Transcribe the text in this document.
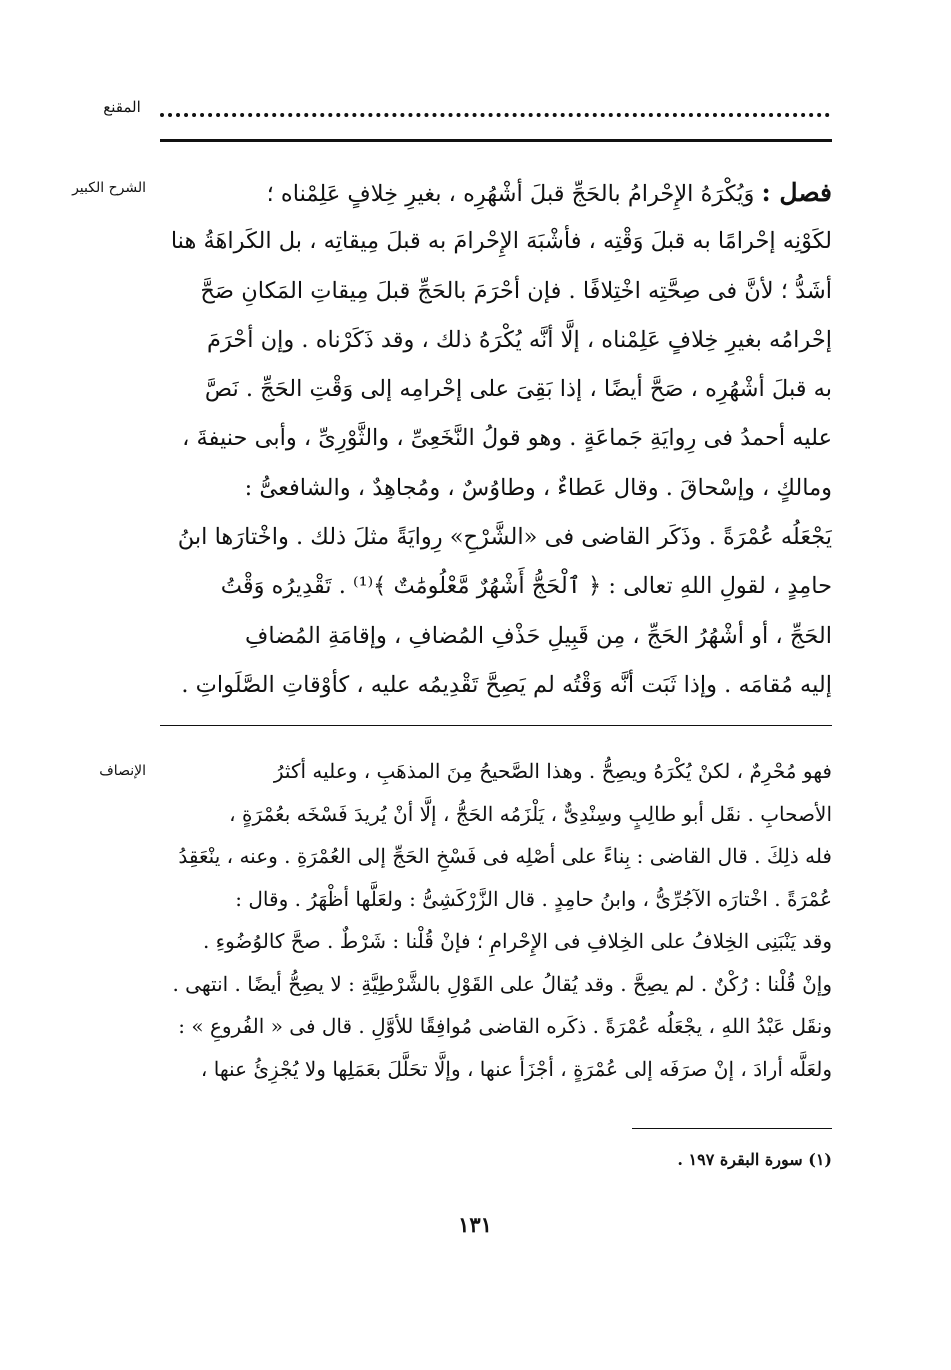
المقنع
الشرح الكبير	فصل : وَيُكْرَهُ الإِحْرامُ بالحَجِّ قبلَ أشْهُرِه ، بغيرِ خِلافٍ عَلِمْناه ؛
لكَوْنِه إحْرامًا به قبلَ وَقْتِه ، فأشْبَهَ الإِحْرامَ به قبلَ مِيقاتِه ، بل الكَراهَةُ هنا
أشَدُّ ؛ لأنَّ فى صِحَّتِه اخْتِلافًا . فإن أحْرَمَ بالحَجِّ قبلَ مِيقاتِ المَكانِ صَحَّ
إحْرامُه بغيرِ خِلافٍ عَلِمْناه ، إلَّا أنَّه يُكْرَهُ ذلك ، وقد ذَكَرْناه . وإن أحْرَمَ
به قبلَ أشْهُرِه ، صَحَّ أيضًا ، إذا بَقِىَ على إحْرامِه إلى وَقْتِ الحَجِّ . نَصَّ
عليه أحمدُ فى رِوايَةِ جَماعَةٍ . وهو قولُ النَّخَعِىِّ ، والثَّوْرِىِّ ، وأبى حنيفةَ ،
ومالكٍ ، وإسْحاقَ . وقال عَطاءٌ ، وطاوُسٌ ، ومُجاهِدٌ ، والشافعىُّ :
يَجْعَلُه عُمْرَةً . وذَكَر القاضى فى «الشَّرْحِ» رِوايَةً مثلَ ذلك . واخْتارَها ابنُ
حامِدٍ ، لقولِ اللهِ تعالى : ﴿ ٱلْحَجُّ أَشْهُرٌ مَّعْلُومَٰتٌ ﴾⁽¹⁾ . تَقْدِيرُه وَقْتُ
الحَجِّ ، أو أشْهُرُ الحَجِّ ، مِن قَبِيلِ حَذْفِ المُضافِ ، وإقامَةِ المُضافِ
إليه مُقامَه . وإذا ثَبَت أنَّه وَقْتُه لم يَصِحَّ تَقْدِيمُه عليه ، كأوْقاتِ الصَّلَواتِ .
الإنصاف	فهو مُحْرِمٌ ، لكنْ يُكْرَهُ ويصِحُّ . وهذا الصَّحيحُ مِنَ المذهَبِ ، وعليه أكثرُ
الأصحابِ . نقَل أبو طالِبٍ وسِنْدِىٌّ ، يَلْزَمُه الحَجُّ ، إلَّا أنْ يُريدَ فَسْخَه بعُمْرَةٍ ،
فله ذلِكَ . قال القاضى : بِناءً على أصْلِه فى فَسْخِ الحَجِّ إلى العُمْرَةِ . وعنه ، ينْعَقِدُ
عُمْرَةً . اخْتارَه الآجُرِّىُّ ، وابنُ حامِدٍ . قال الزَّرْكَشِىُّ : ولعَلَّها أظْهَرُ . وقال :
وقد يَنْبَنِى الخِلافُ على الخِلافِ فى الإِحْرامِ ؛ فإنْ قُلْنا : شَرْطٌ . صحَّ كالوُضُوءِ .
وإنْ قُلْنا : رُكْنٌ . لم يصِحَّ . وقد يُقالُ على القَوْلِ بالشَّرْطِيَّةِ : لا يصِحُّ أيضًا . انتهى .
ونقَل عَبْدُ اللهِ ، يجْعَلُه عُمْرَةً . ذكَره القاضى مُوافِقًا للأوَّلِ . قال فى « الفُروعِ » :
ولعَلَّه أرادَ ، إنْ صرَفَه إلى عُمْرَةٍ ، أجْزَأ عنها ، وإلَّا تحَلَّلَ بعَمَلِها ولا يُجْزِئُ عنها ،
(١) سورة البقرة ١٩٧ .
١٣١
